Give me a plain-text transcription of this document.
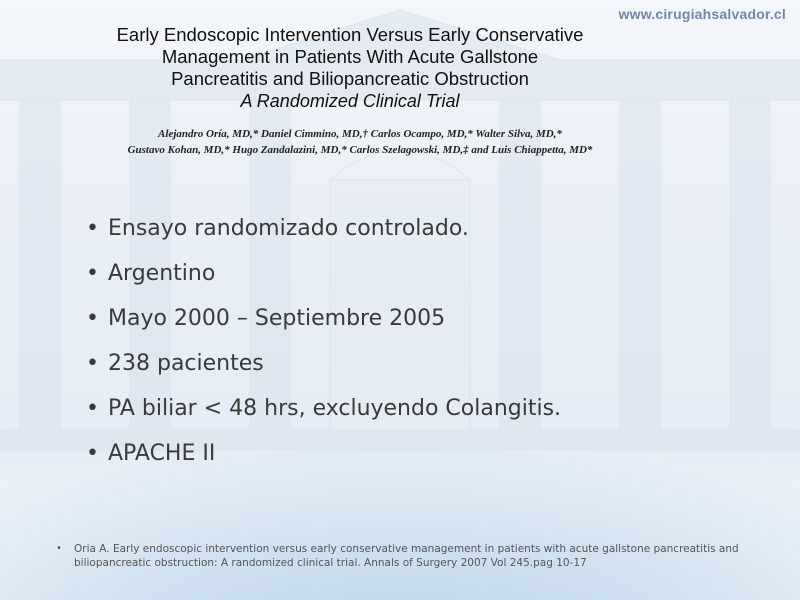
www.cirugiahsalvador.cl
Early Endoscopic Intervention Versus Early Conservative
Management in Patients With Acute Gallstone
Pancreatitis and Biliopancreatic Obstruction
A Randomized Clinical Trial
Alejandro Oría, MD,* Daniel Cimmino, MD,† Carlos Ocampo, MD,* Walter Silva, MD,*
Gustavo Kohan, MD,* Hugo Zandalazini, MD,* Carlos Szelagowski, MD,‡ and Luis Chiappetta, MD*
• Ensayo randomizado controlado.
• Argentino
• Mayo 2000 – Septiembre 2005
• 238 pacientes
• PA biliar < 48 hrs, excluyendo Colangitis.
• APACHE II
•	Oria A. Early endoscopic intervention versus early conservative management in patients with acute gallstone pancreatitis and biliopancreatic obstruction: A randomized clinical trial. Annals of Surgery 2007 Vol 245.pag 10-17
